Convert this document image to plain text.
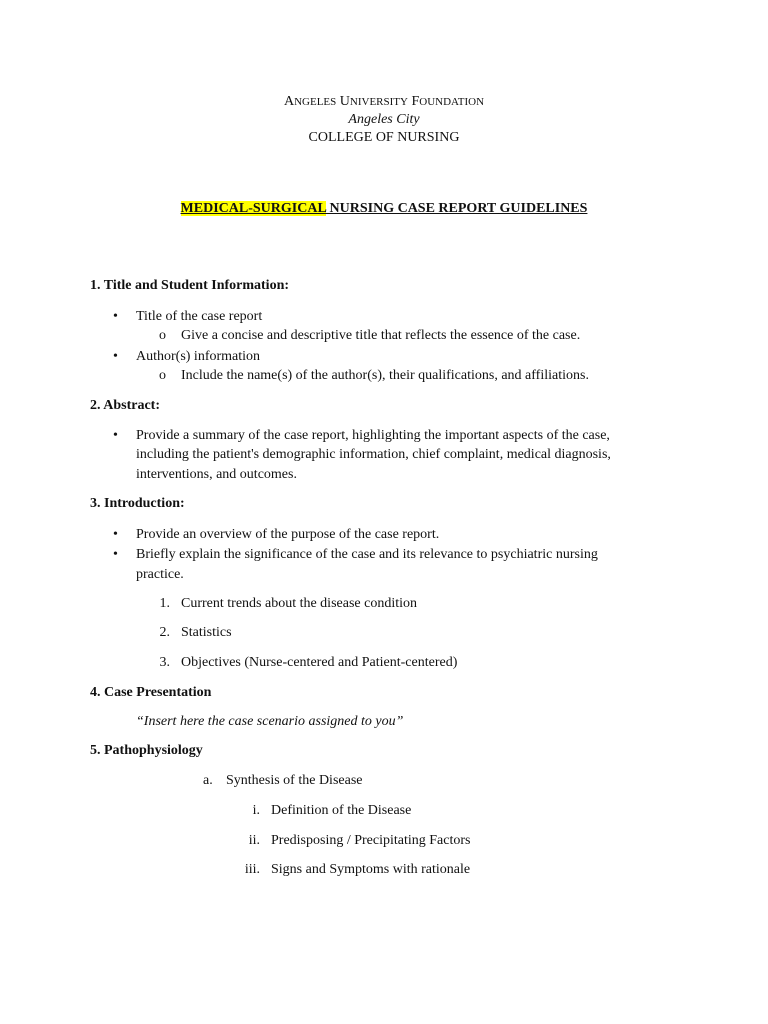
ANGELES UNIVERSITY FOUNDATION
Angeles City
COLLEGE OF NURSING
MEDICAL-SURGICAL NURSING CASE REPORT GUIDELINES
1. Title and Student Information:
• Title of the case report
o Give a concise and descriptive title that reflects the essence of the case.
• Author(s) information
o Include the name(s) of the author(s), their qualifications, and affiliations.
2. Abstract:
• Provide a summary of the case report, highlighting the important aspects of the case,
including the patient's demographic information, chief complaint, medical diagnosis,
interventions, and outcomes.
3. Introduction:
• Provide an overview of the purpose of the case report.
• Briefly explain the significance of the case and its relevance to psychiatric nursing
practice.
1. Current trends about the disease condition
2. Statistics
3. Objectives (Nurse-centered and Patient-centered)
4. Case Presentation
“Insert here the case scenario assigned to you”
5. Pathophysiology
a. Synthesis of the Disease
i. Definition of the Disease
ii. Predisposing / Precipitating Factors
iii. Signs and Symptoms with rationale
